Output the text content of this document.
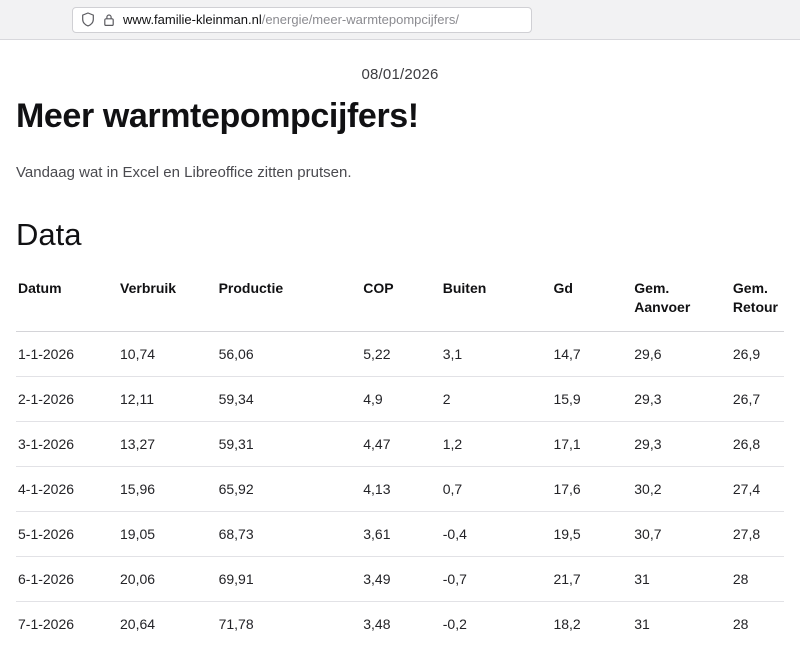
www.familie-kleinman.nl/energie/meer-warmtepompcijfers/
08/01/2026
Meer warmtepompcijfers!

Vandaag wat in Excel en Libreoffice zitten prutsen.

Data
Datum	Verbruik	Productie	COP	Buiten	Gd	Gem. Aanvoer	Gem. Retour
1-1-2026	10,74	56,06	5,22	3,1	14,7	29,6	26,9
2-1-2026	12,11	59,34	4,9	2	15,9	29,3	26,7
3-1-2026	13,27	59,31	4,47	1,2	17,1	29,3	26,8
4-1-2026	15,96	65,92	4,13	0,7	17,6	30,2	27,4
5-1-2026	19,05	68,73	3,61	-0,4	19,5	30,7	27,8
6-1-2026	20,06	69,91	3,49	-0,7	21,7	31	28
7-1-2026	20,64	71,78	3,48	-0,2	18,2	31	28
